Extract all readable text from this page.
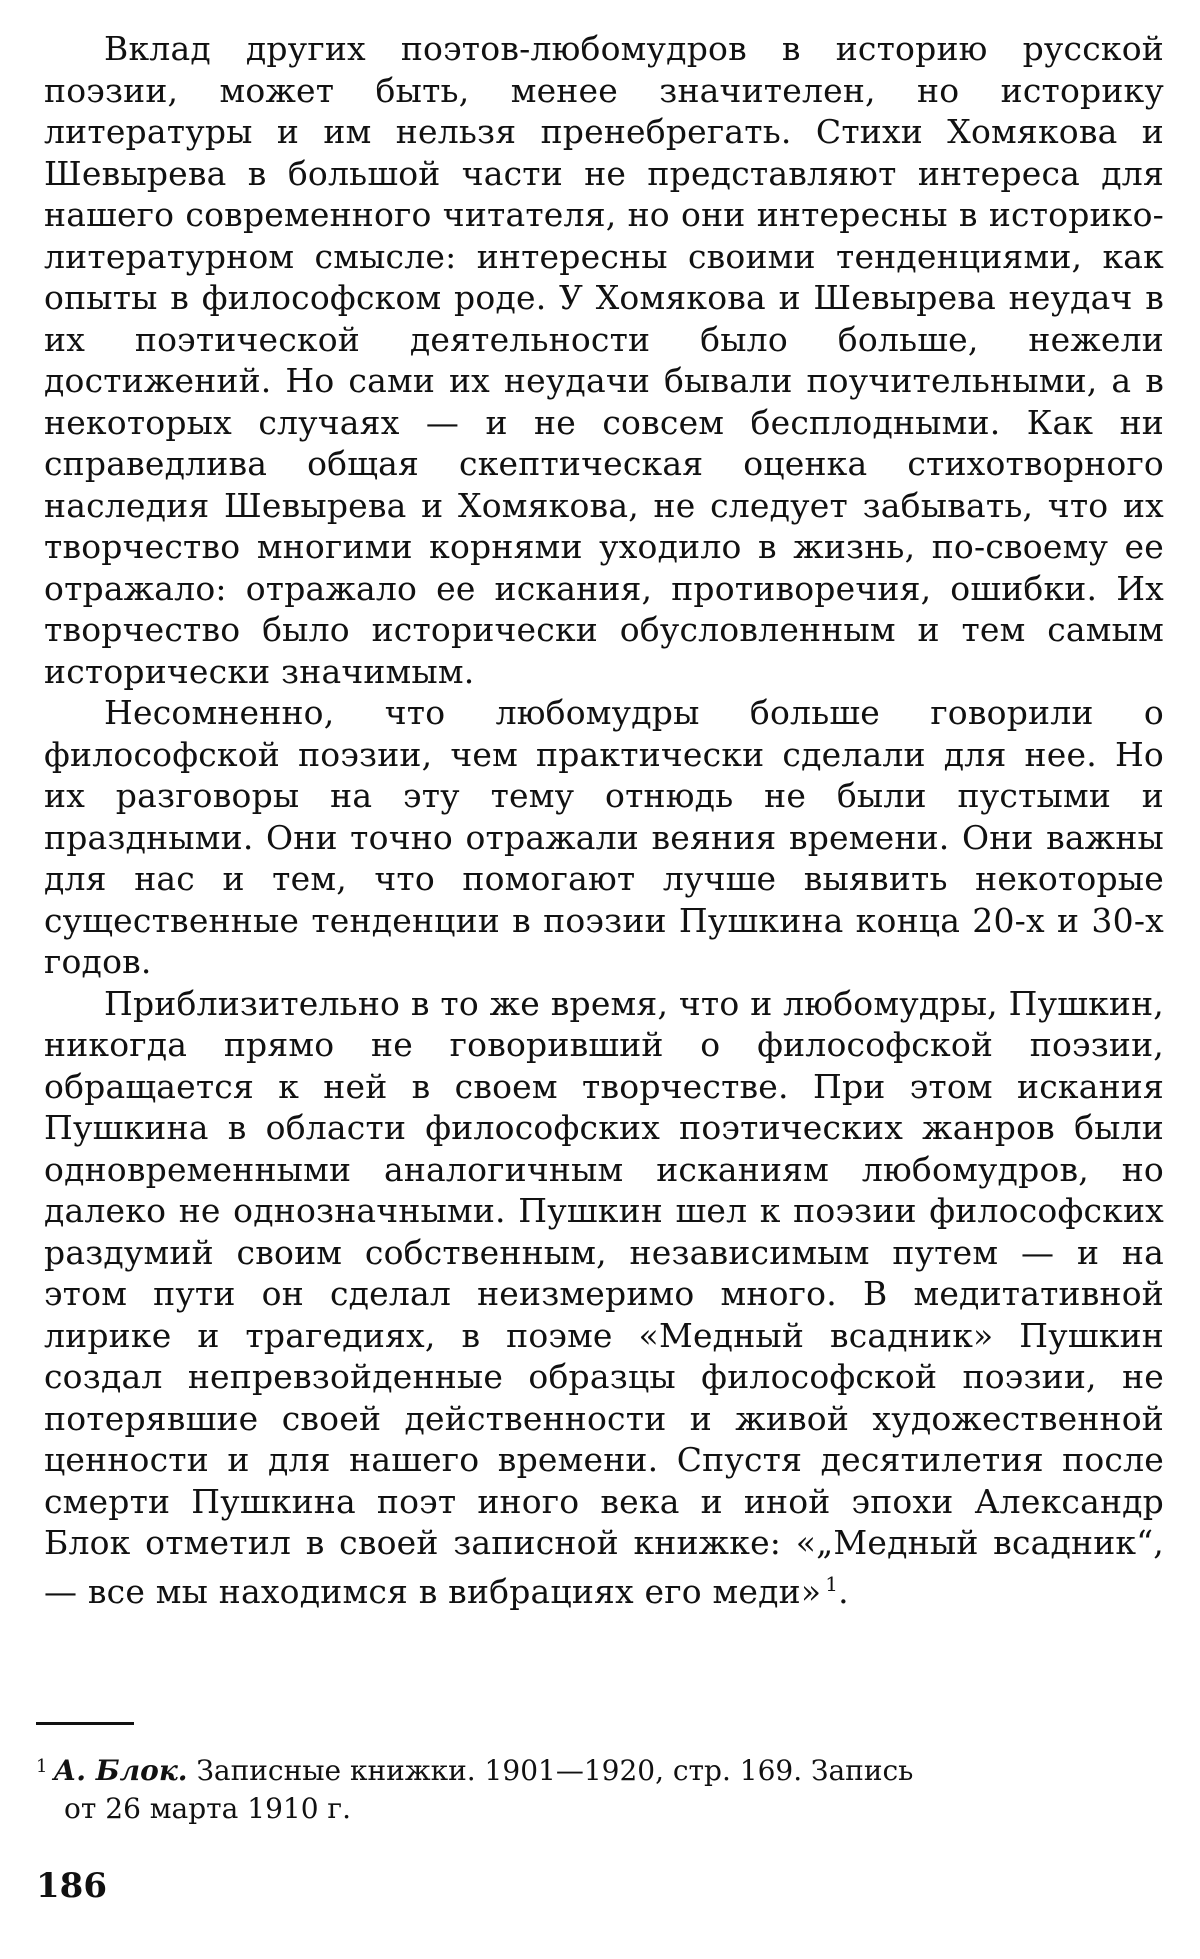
Вклад других поэтов-любомудров в историю русской поэзии, может быть, менее значителен, но историку литературы и им нельзя пренебрегать. Стихи Хомякова и Шевырева в большой части не представляют интереса для нашего современного читателя, но они интересны в историко-литературном смысле: интересны своими тенденциями, как опыты в философском роде. У Хомякова и Шевырева неудач в их поэтической деятельности было больше, нежели достижений. Но сами их неудачи бывали поучительными, а в некоторых случаях — и не совсем бесплодными. Как ни справедлива общая скептическая оценка стихотворного наследия Шевырева и Хомякова, не следует забывать, что их творчество многими корнями уходило в жизнь, по-своему ее отражало: отражало ее искания, противоречия, ошибки. Их творчество было исторически обусловленным и тем самым исторически значимым.

Несомненно, что любомудры больше говорили о философской поэзии, чем практически сделали для нее. Но их разговоры на эту тему отнюдь не были пустыми и праздными. Они точно отражали веяния времени. Они важны для нас и тем, что помогают лучше выявить некоторые существенные тенденции в поэзии Пушкина конца 20-х и 30-х годов.

Приблизительно в то же время, что и любомудры, Пушкин, никогда прямо не говоривший о философской поэзии, обращается к ней в своем творчестве. При этом искания Пушкина в области философских поэтических жанров были одновременными аналогичным исканиям любомудров, но далеко не однозначными. Пушкин шел к поэзии философских раздумий своим собственным, независимым путем — и на этом пути он сделал неизмеримо много. В медитативной лирике и трагедиях, в поэме «Медный всадник» Пушкин создал непревзойденные образцы философской поэзии, не потерявшие своей действенности и живой художественной ценности и для нашего времени. Спустя десятилетия после смерти Пушкина поэт иного века и иной эпохи Александр Блок отметил в своей записной книжке: «„Медный всадник“, — все мы находимся в вибрациях его меди» $^1$.

$^1$ А. Блок. Записные книжки. 1901—1920, стр. 169. Запись
от 26 марта 1910 г.
186
